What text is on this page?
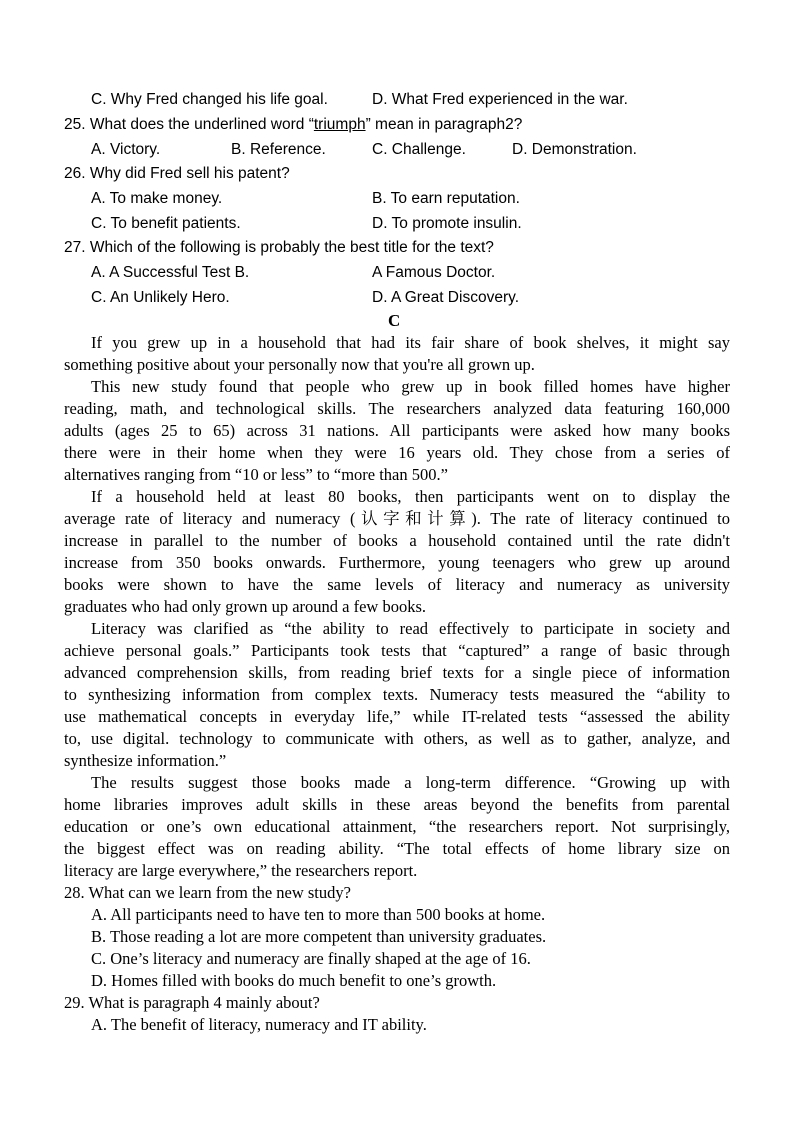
C. Why Fred changed his life goal.	D. What Fred experienced in the war.
25. What does the underlined word “triumph” mean in paragraph2?
A. Victory.	B. Reference.	C. Challenge.	D. Demonstration.
26. Why did Fred sell his patent?
A. To make money.	B. To earn reputation.
C. To benefit patients.	D. To promote insulin.
27. Which of the following is probably the best title for the text?
A. A Successful Test B.	A Famous Doctor.
C. An Unlikely Hero.	D. A Great Discovery.
C
If you grew up in a household that had its fair share of book shelves, it might say
something positive about your personally now that you're all grown up.
This new study found that people who grew up in book filled homes have higher
reading, math, and technological skills. The researchers analyzed data featuring 160,000
adults (ages 25 to 65) across 31 nations. All participants were asked how many books
there were in their home when they were 16 years old. They chose from a series of
alternatives ranging from “10 or less” to “more than 500.”
If a household held at least 80 books, then participants went on to display the
average rate of literacy and numeracy (认字和计算). The rate of literacy continued to
increase in parallel to the number of books a household contained until the rate didn't
increase from 350 books onwards. Furthermore, young teenagers who grew up around
books were shown to have the same levels of literacy and numeracy as university
graduates who had only grown up around a few books.
Literacy was clarified as “the ability to read effectively to participate in society and
achieve personal goals.” Participants took tests that “captured” a range of basic through
advanced comprehension skills, from reading brief texts for a single piece of information
to synthesizing information from complex texts. Numeracy tests measured the “ability to
use mathematical concepts in everyday life,” while IT-related tests “assessed the ability
to, use digital. technology to communicate with others, as well as to gather, analyze, and
synthesize information.”
The results suggest those books made a long-term difference. “Growing up with
home libraries improves adult skills in these areas beyond the benefits from parental
education or one’s own educational attainment, “the researchers report. Not surprisingly,
the biggest effect was on reading ability. “The total effects of home library size on
literacy are large everywhere,” the researchers report.
28. What can we learn from the new study?
A. All participants need to have ten to more than 500 books at home.
B. Those reading a lot are more competent than university graduates.
C. One’s literacy and numeracy are finally shaped at the age of 16.
D. Homes filled with books do much benefit to one’s growth.
29. What is paragraph 4 mainly about?
A. The benefit of literacy, numeracy and IT ability.
